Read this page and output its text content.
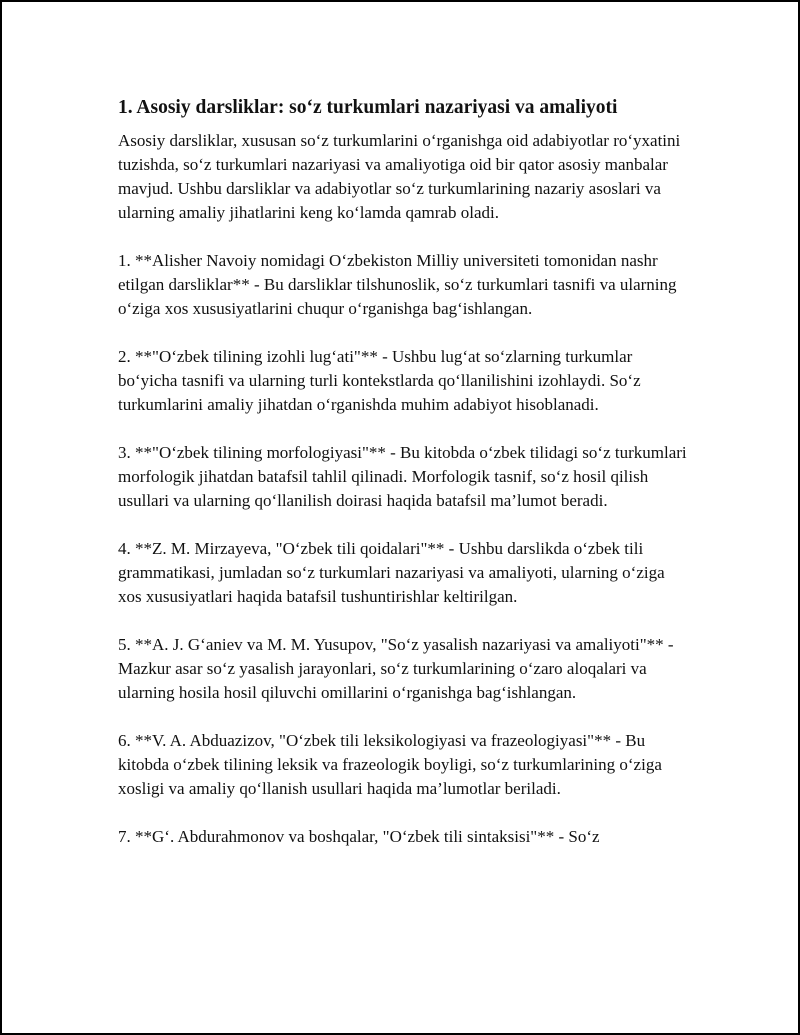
1. Asosiy darsliklar: so‘z turkumlari nazariyasi va amaliyoti

Asosiy darsliklar, xususan so‘z turkumlarini o‘rganishga oid adabiyotlar ro‘yxatini tuzishda, so‘z turkumlari nazariyasi va amaliyotiga oid bir qator asosiy manbalar mavjud. Ushbu darsliklar va adabiyotlar so‘z turkumlarining nazariy asoslari va ularning amaliy jihatlarini keng ko‘lamda qamrab oladi.

1. **Alisher Navoiy nomidagi O‘zbekiston Milliy universiteti tomonidan nashr etilgan darsliklar** - Bu darsliklar tilshunoslik, so‘z turkumlari tasnifi va ularning o‘ziga xos xususiyatlarini chuqur o‘rganishga bag‘ishlangan.

2. **"O‘zbek tilining izohli lug‘ati"** - Ushbu lug‘at so‘zlarning turkumlar bo‘yicha tasnifi va ularning turli kontekstlarda qo‘llanilishini izohlaydi. So‘z turkumlarini amaliy jihatdan o‘rganishda muhim adabiyot hisoblanadi.

3. **"O‘zbek tilining morfologiyasi"** - Bu kitobda o‘zbek tilidagi so‘z turkumlari morfologik jihatdan batafsil tahlil qilinadi. Morfologik tasnif, so‘z hosil qilish usullari va ularning qo‘llanilish doirasi haqida batafsil ma’lumot beradi.

4. **Z. M. Mirzayeva, "O‘zbek tili qoidalari"** - Ushbu darslikda o‘zbek tili grammatikasi, jumladan so‘z turkumlari nazariyasi va amaliyoti, ularning o‘ziga xos xususiyatlari haqida batafsil tushuntirishlar keltirilgan.

5. **A. J. G‘aniev va M. M. Yusupov, "So‘z yasalish nazariyasi va amaliyoti"** - Mazkur asar so‘z yasalish jarayonlari, so‘z turkumlarining o‘zaro aloqalari va ularning hosila hosil qiluvchi omillarini o‘rganishga bag‘ishlangan.

6. **V. A. Abduazizov, "O‘zbek tili leksikologiyasi va frazeologiyasi"** - Bu kitobda o‘zbek tilining leksik va frazeologik boyligi, so‘z turkumlarining o‘ziga xosligi va amaliy qo‘llanish usullari haqida ma’lumotlar beriladi.

7. **G‘. Abdurahmonov va boshqalar, "O‘zbek tili sintaksisi"** - So‘z
